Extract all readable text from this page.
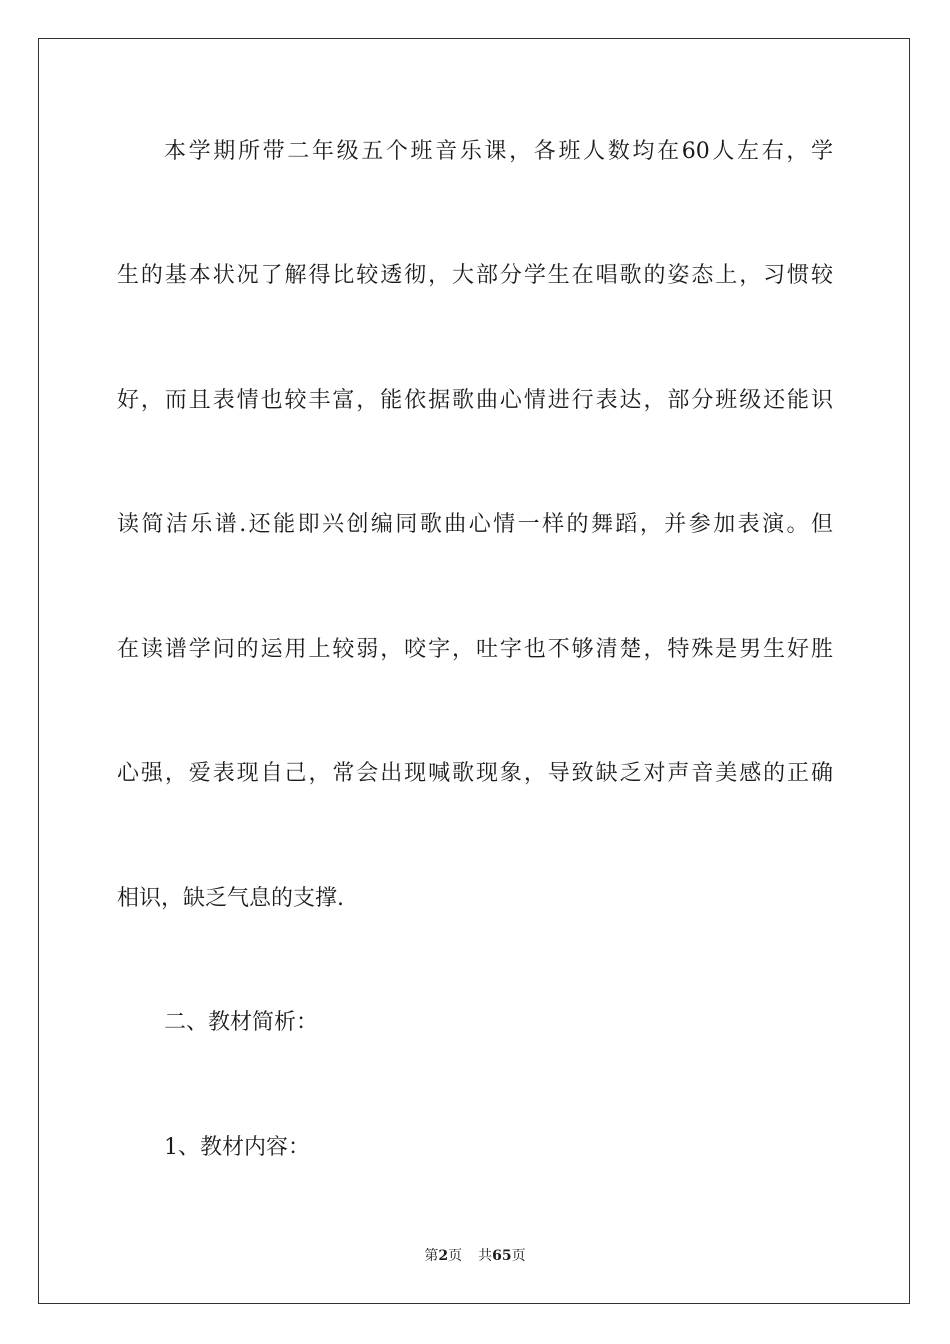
本学期所带二年级五个班音乐课，各班人数均在60人左右，学
生的基本状况了解得比较透彻，大部分学生在唱歌的姿态上，习惯较
好，而且表情也较丰富，能依据歌曲心情进行表达，部分班级还能识
读简洁乐谱.还能即兴创编同歌曲心情一样的舞蹈，并参加表演。但
在读谱学问的运用上较弱，咬字，吐字也不够清楚，特殊是男生好胜
心强，爱表现自己，常会出现喊歌现象，导致缺乏对声音美感的正确
相识，缺乏气息的支撑.
二、教材简析：
1、教材内容：
第2页 共65页
